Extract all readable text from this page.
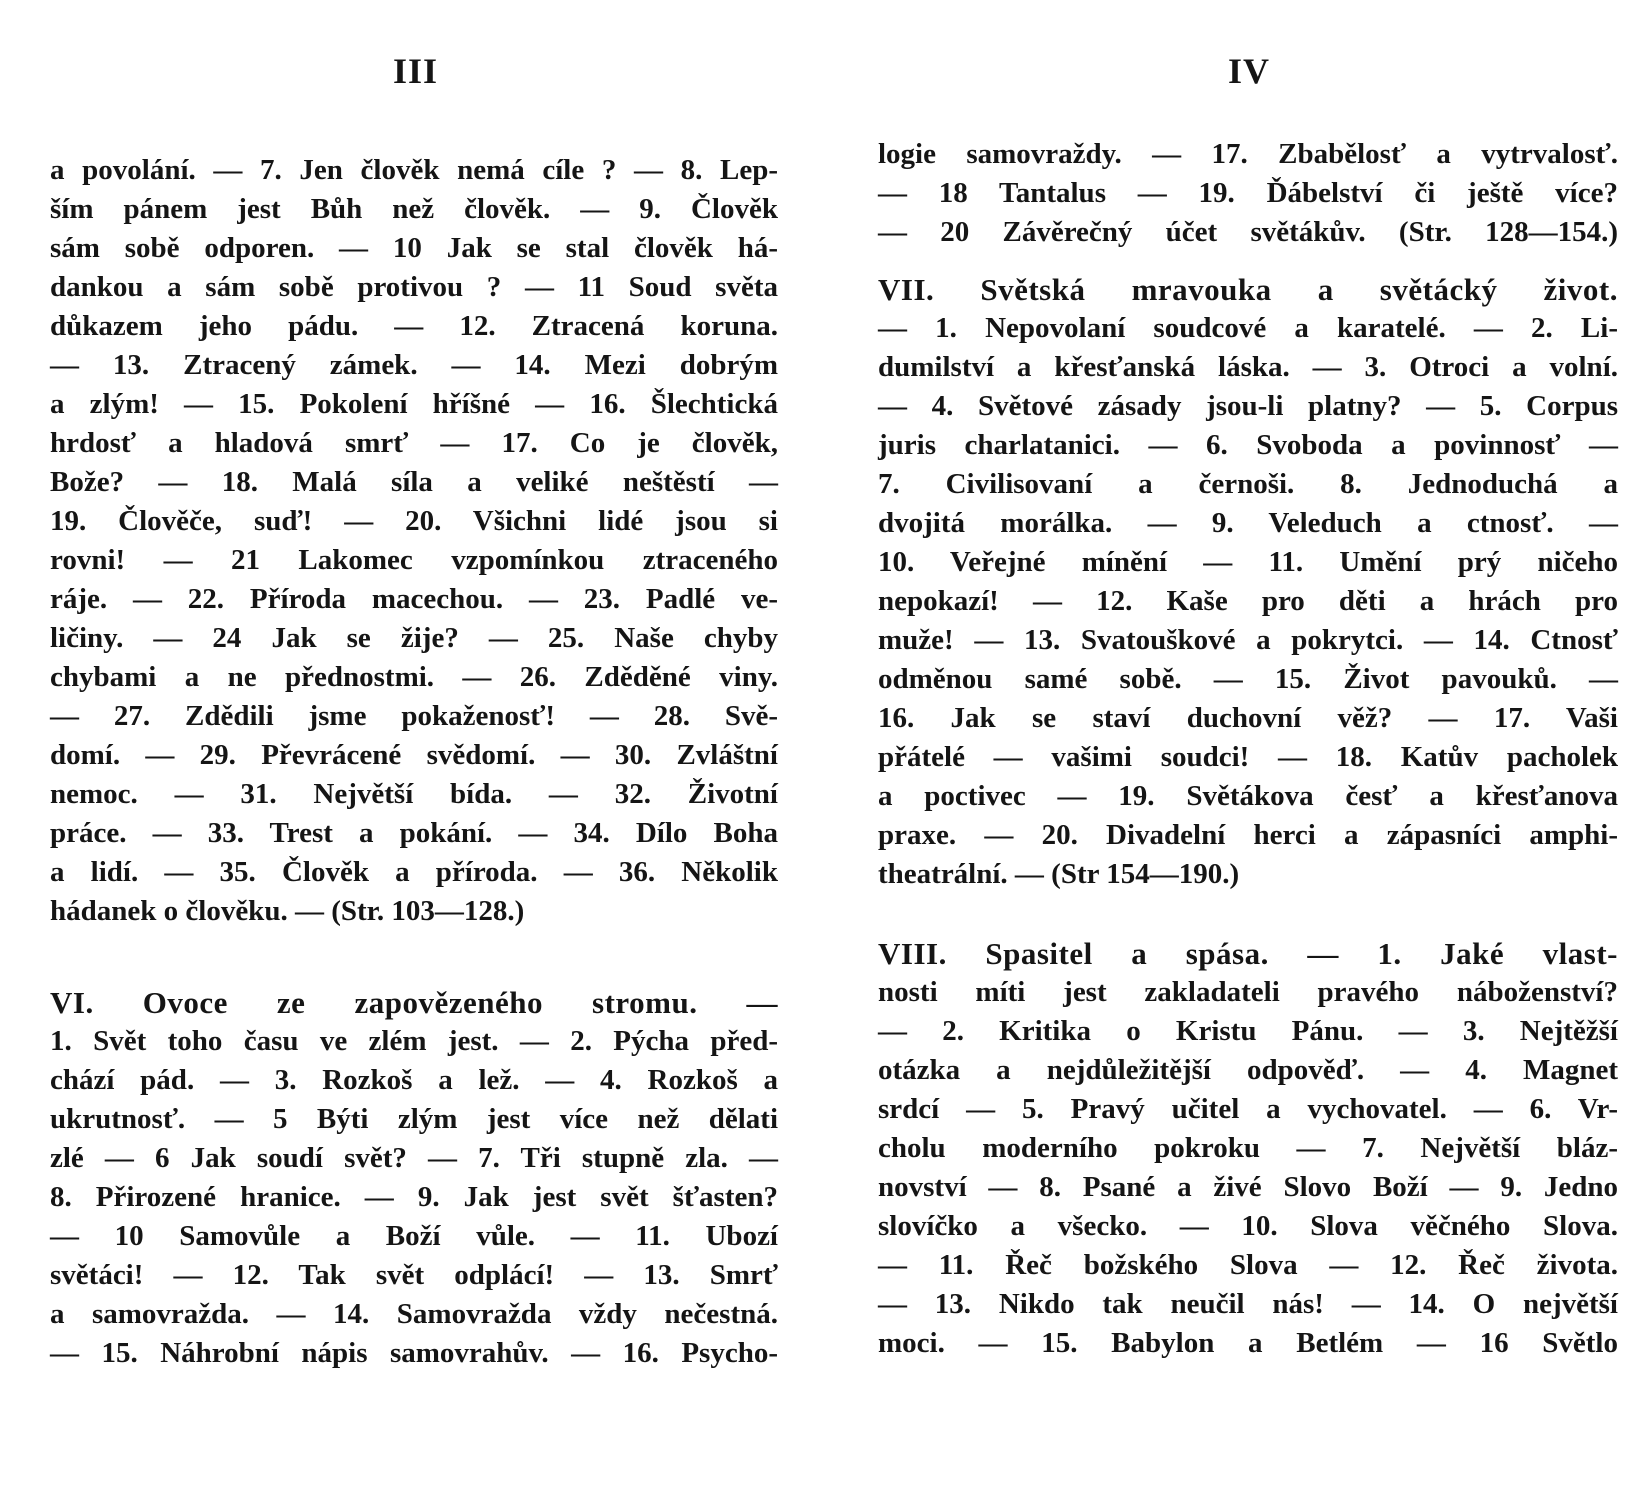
III
a povolání. — 7. Jen člověk nemá cíle ? — 8. Lep-
ším pánem jest Bůh než člověk. — 9. Člověk
sám sobě odporen. — 10 Jak se stal člověk há-
dankou a sám sobě protivou ? — 11 Soud světa
důkazem jeho pádu. — 12. Ztracená koruna.
— 13. Ztracený zámek. — 14. Mezi dobrým
a zlým! — 15. Pokolení hříšné — 16. Šlechtická
hrdosť a hladová smrť — 17. Co je člověk,
Bože? — 18. Malá síla a veliké neštěstí —
19. Člověče, suď! — 20. Všichni lidé jsou si
rovni! — 21 Lakomec vzpomínkou ztraceného
ráje. — 22. Příroda macechou. — 23. Padlé ve-
ličiny. — 24 Jak se žije? — 25. Naše chyby
chybami a ne přednostmi. — 26. Zděděné viny.
— 27. Zdědili jsme pokaženosť! — 28. Svě-
domí. — 29. Převrácené svědomí. — 30. Zvláštní
nemoc. — 31. Největší bída. — 32. Životní
práce. — 33. Trest a pokání. — 34. Dílo Boha
a lidí. — 35. Člověk a příroda. — 36. Několik
hádanek o člověku. — (Str. 103—128.)
VI. Ovoce ze zapovězeného stromu. —
1. Svět toho času ve zlém jest. — 2. Pýcha před-
chází pád. — 3. Rozkoš a lež. — 4. Rozkoš a
ukrutnosť. — 5 Býti zlým jest více než dělati
zlé — 6 Jak soudí svět? — 7. Tři stupně zla. —
8. Přirozené hranice. — 9. Jak jest svět šťasten?
— 10 Samovůle a Boží vůle. — 11. Ubozí
světáci! — 12. Tak svět odplácí! — 13. Smrť
a samovražda. — 14. Samovražda vždy nečestná.
— 15. Náhrobní nápis samovrahův. — 16. Psycho-
IV
logie samovraždy. — 17. Zbabělosť a vytrvalosť.
— 18 Tantalus — 19. Ďábelství či ještě více?
— 20 Závěrečný účet světákův. (Str. 128—154.)
VII. Světská mravouka a světácký život.
— 1. Nepovolaní soudcové a karatelé. — 2. Li-
dumilství a křesťanská láska. — 3. Otroci a volní.
— 4. Světové zásady jsou-li platny? — 5. Corpus
juris charlatanici. — 6. Svoboda a povinnosť —
7. Civilisovaní a černoši. 8. Jednoduchá a
dvojitá morálka. — 9. Veleduch a ctnosť. —
10. Veřejné mínění — 11. Umění prý ničeho
nepokazí! — 12. Kaše pro děti a hrách pro
muže! — 13. Svatouškové a pokrytci. — 14. Ctnosť
odměnou samé sobě. — 15. Život pavouků. —
16. Jak se staví duchovní věž? — 17. Vaši
přátelé — vašimi soudci! — 18. Katův pacholek
a poctivec — 19. Světákova česť a křesťanova
praxe. — 20. Divadelní herci a zápasníci amphi-
theatrální. — (Str 154—190.)
VIII. Spasitel a spása. — 1. Jaké vlast-
nosti míti jest zakladateli pravého náboženství?
— 2. Kritika o Kristu Pánu. — 3. Nejtěžší
otázka a nejdůležitější odpověď. — 4. Magnet
srdcí — 5. Pravý učitel a vychovatel. — 6. Vr-
cholu moderního pokroku — 7. Největší bláz-
novství — 8. Psané a živé Slovo Boží — 9. Jedno
slovíčko a všecko. — 10. Slova věčného Slova.
— 11. Řeč božského Slova — 12. Řeč života.
— 13. Nikdo tak neučil nás! — 14. O největší
moci. — 15. Babylon a Betlém — 16 Světlo
